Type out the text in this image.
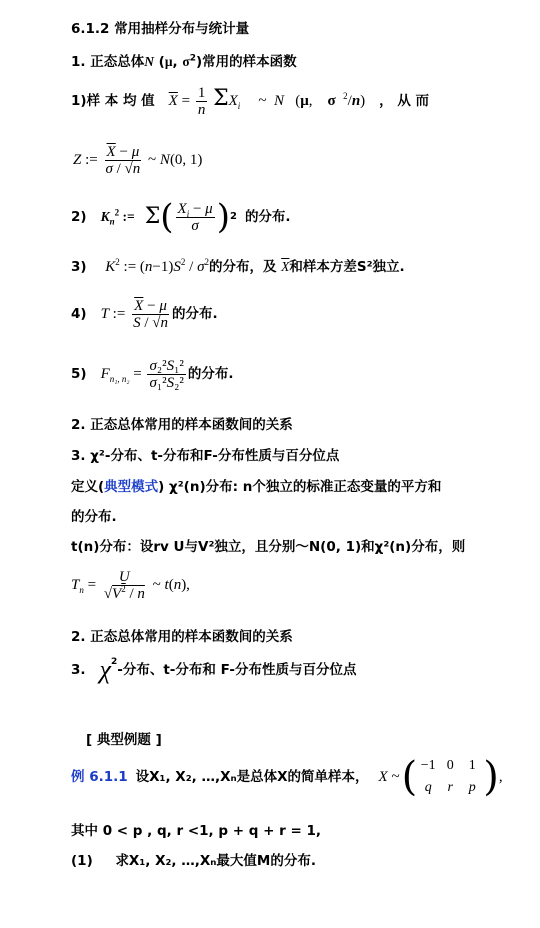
6.1.2 常用抽样分布与统计量
1. 正态总体N (μ, $\sigma^2$)常用的样本函数
1)样 本 均 值 $\overline{X} = \frac{1}{n} \Sigma X_i$ ~  N   (μ,    σ $^2$/n) ， 从 而
Z := $\frac{\overline{X} - \mu}{\sigma / √n}$ ~ N(0, 1)
2) $K_n^2$ := Σ ( $\frac{X_i - \mu}{\sigma}$ ) 2 的分布.
3) $K^2$ := $(n-1)S^2 / \sigma^2$的分布，及 $\overline{X}$和样本方差S²独立.
4) T := $\frac{\overline{X} - \mu}{S / √n}$ 的分布.
5) $F_{n_1, n_2} = \frac{\text{σ₂²S₁²}}{\text{σ₁²S₂²}}$ 的分布.
2. 正态总体常用的样本函数间的关系
3. χ²-分布、t-分布和F-分布性质与百分位点
定义(典型模式) χ²(n)分布: n个独立的标准正态变量的平方和
的分布.
t(n)分布：设rv U与V²独立，且分别～N(0, 1)和χ²(n)分布，则
$T_n = \frac{U}{√V^2 / n}$ ~ t(n),
2. 正态总体常用的样本函数间的关系
3. $\chi^2$ -分布、t-分布和 F-分布性质与百分位点
[ 典型例题 ]
例 6.1.1 设X₁, X₂, …,Xₙ是总体X的简单样本， X ~ ( −1 0	1
q	r	p ) ,
其中 0 < p , q, r <1, p + q + r = 1,
(1) 求X₁, X₂, …,Xₙ最大值M的分布.
